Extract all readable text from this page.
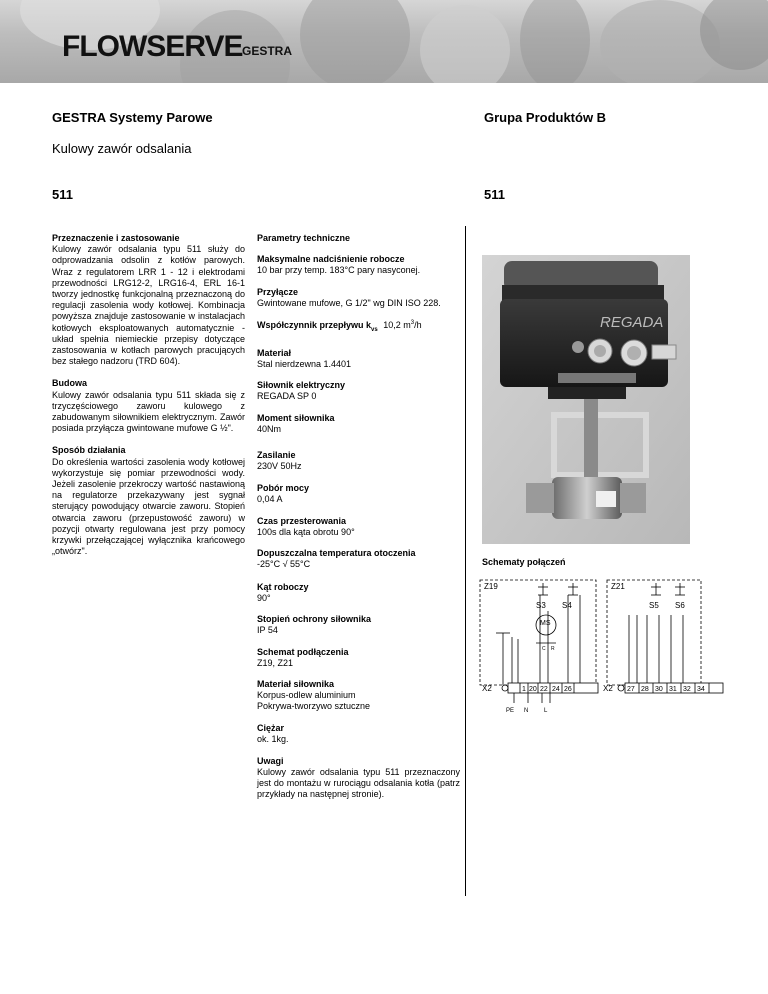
FLOWSERVE GESTRA
GESTRA Systemy Parowe	Grupa Produktów B
Kulowy zawór odsalania
511	511
Przeznaczenie i zastosowanie

Kulowy zawór odsalania typu 511 służy do odprowadzania odsolin z kotłów parowych. Wraz z regulatorem LRR 1 - 12 i elektrodami przewodności LRG12-2, LRG16-4, ERL 16-1 tworzy jednostkę funkcjonalną przeznaczoną do regulacji zasolenia wody kotłowej. Kombinacja powyższa znajduje zastosowanie w instalacjach kotłowych eksploatowanych automatycznie - układ spełnia niemieckie przepisy dotyczące zastosowania w kotłach parowych pracujących bez stałego nadzoru (TRD 604).

Budowa

Kulowy zawór odsalania typu 511 składa się z trzyczęściowego zaworu kulowego z zabudowanym siłownikiem elektrycznym. Zawór posiada przyłącza gwintowane mufowe G ½".

Sposób działania

Do określenia wartości zasolenia wody kotłowej wykorzystuje się pomiar przewodności wody. Jeżeli zasolenie przekroczy wartość nastawioną na regulatorze przekazywany jest sygnał sterujący powodujący otwarcie zaworu. Stopień otwarcia zaworu (przepustowość zaworu) w pozycji otwarty regulowana jest przy pomocy krzywki przełączającej wyłącznika krańcowego „otwórz".

Parametry techniczne
Maksymalne nadciśnienie robocze

10 bar przy temp. 183°C pary nasyconej.

Przyłącze

Gwintowane mufowe, G 1/2" wg DIN ISO 228.

Współczynnik przepływu $k_{vs}$ 10,2 $m^3/h$
Materiał

Stal nierdzewna 1.4401

Siłownik elektryczny

REGADA SP 0

Moment siłownika

40Nm

Zasilanie

230V 50Hz

Pobór mocy

0,04 A

Czas przesterowania

100s dla kąta obrotu 90°

Dopuszczalna temperatura otoczenia

-25°C √ 55°C

Kąt roboczy

90°

Stopień ochrony siłownika

IP 54

Schemat podłączenia

Z19, Z21

Materiał siłownika

Korpus-odlew aluminium

Pokrywa-tworzywo sztuczne

Ciężar

ok. 1kg.

Uwagi

Kulowy zawór odsalania typu 511 przeznaczony jest do montażu w rurociągu odsalania kotła (patrz przykłady na następnej stronie).

REGADA
Schematy połączeń
Z19
S3 S4
MS
C R
X2	1 20 22 24 26
PE N	L
Z21
S5 S6
X2 27 28 30 31 32 34
